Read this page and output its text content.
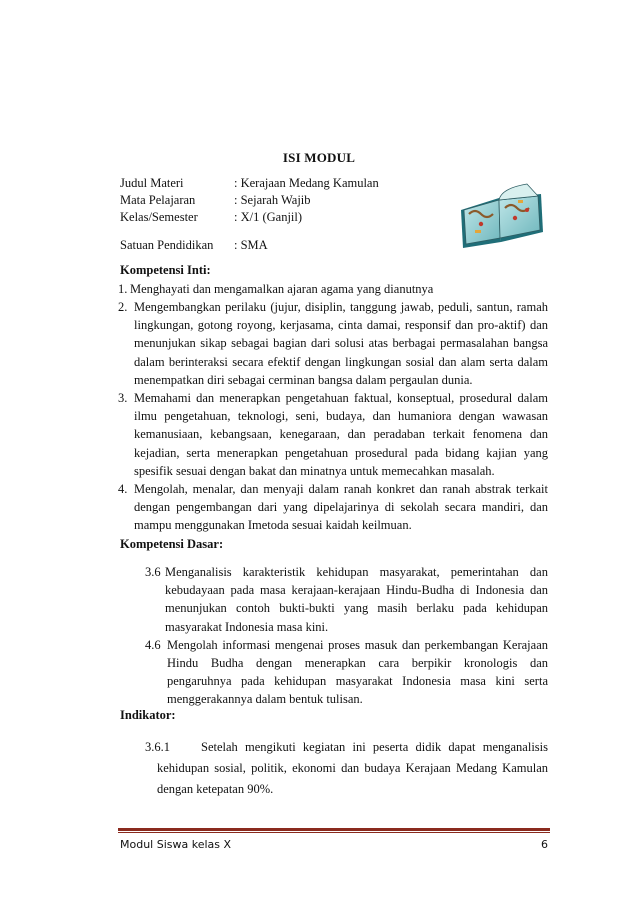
ISI MODUL
Judul Materi	: Kerajaan Medang Kamulan
Mata Pelajaran	: Sejarah Wajib
Kelas/Semester	: X/1 (Ganjil)
Satuan Pendidikan : SMA
Kompetensi Inti:
1. Menghayati dan mengamalkan ajaran agama yang dianutnya
2. Mengembangkan perilaku (jujur, disiplin, tanggung jawab, peduli, santun, ramah lingkungan, gotong royong, kerjasama, cinta damai, responsif dan pro-aktif) dan menunjukan sikap sebagai bagian dari solusi atas berbagai permasalahan bangsa dalam berinteraksi secara efektif dengan lingkungan sosial dan alam serta dalam menempatkan diri sebagai cerminan bangsa dalam pergaulan dunia.
3. Memahami dan menerapkan pengetahuan faktual, konseptual, prosedural dalam ilmu pengetahuan, teknologi, seni, budaya, dan humaniora dengan wawasan kemanusiaan, kebangsaan, kenegaraan, dan peradaban terkait fenomena dan kejadian, serta menerapkan pengetahuan prosedural pada bidang kajian yang spesifik sesuai dengan bakat dan minatnya untuk memecahkan masalah.
4. Mengolah, menalar, dan menyaji dalam ranah konkret dan ranah abstrak terkait dengan pengembangan dari yang dipelajarinya di sekolah secara mandiri, dan mampu menggunakan Imetoda sesuai kaidah keilmuan.
Kompetensi Dasar:
3.6 Menganalisis karakteristik kehidupan masyarakat, pemerintahan dan kebudayaan pada masa kerajaan-kerajaan Hindu-Budha di Indonesia dan menunjukan contoh bukti-bukti yang masih berlaku pada kehidupan masyarakat Indonesia masa kini.
4.6 Mengolah informasi mengenai proses masuk dan perkembangan Kerajaan Hindu Budha dengan menerapkan cara berpikir kronologis dan pengaruhnya pada kehidupan masyarakat Indonesia masa kini serta menggerakannya dalam bentuk tulisan.
Indikator:
3.6.1	Setelah mengikuti kegiatan ini peserta didik dapat menganalisis kehidupan sosial, politik, ekonomi dan budaya Kerajaan Medang Kamulan dengan ketepatan 90%.
Modul Siswa kelas X	6
